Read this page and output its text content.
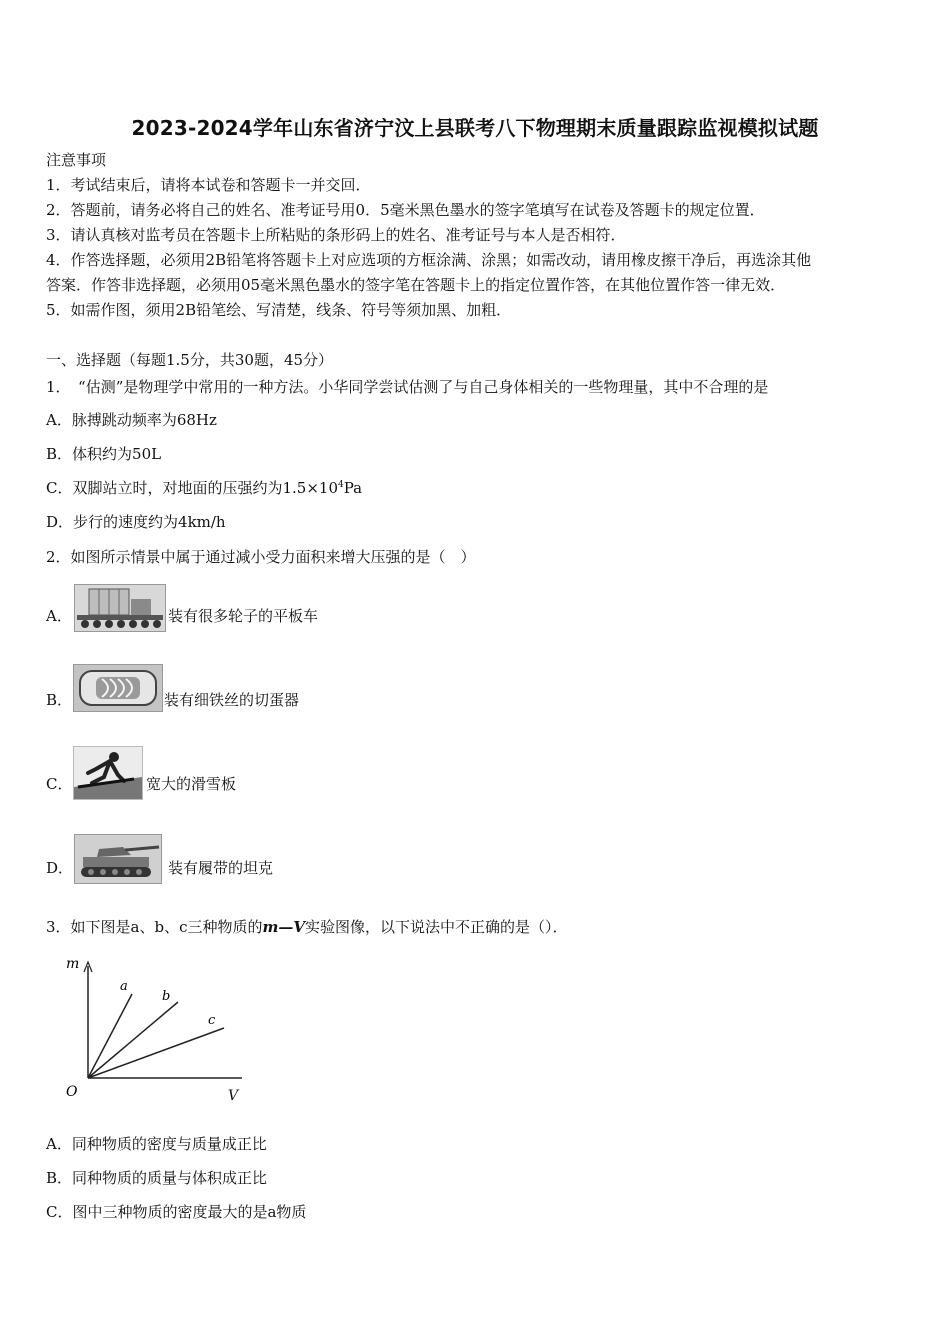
2023-2024学年山东省济宁汶上县联考八下物理期末质量跟踪监视模拟试题
注意事项
1．考试结束后，请将本试卷和答题卡一并交回．
2．答题前，请务必将自己的姓名、准考证号用0．5毫米黑色墨水的签字笔填写在试卷及答题卡的规定位置．
3．请认真核对监考员在答题卡上所粘贴的条形码上的姓名、准考证号与本人是否相符．
4．作答选择题，必须用2B铅笔将答题卡上对应选项的方框涂满、涂黑；如需改动，请用橡皮擦干净后，再选涂其他
答案．作答非选择题，必须用05毫米黑色墨水的签字笔在答题卡上的指定位置作答，在其他位置作答一律无效．
5．如需作图，须用2B铅笔绘、写清楚，线条、符号等须加黑、加粗．
一、选择题（每题1.5分，共30题，45分）
1．　“估测”是物理学中常用的一种方法。小华同学尝试估测了与自己身体相关的一些物理量，其中不合理的是
A．脉搏跳动频率为68Hz
B．体积约为50L
C．双脚站立时，对地面的压强约为$1.5\times 10^4Pa$
D．步行的速度约为4km/h
2．如图所示情景中属于通过减小受力面积来增大压强的是（　）
A．	装有很多轮子的平板车
B．	装有细铁丝的切蛋器
C．	宽大的滑雪板
D．	装有履带的坦克
3．如下图是a、b、c三种物质的m—V实验图像，以下说法中不正确的是（）．
m
O
a
b
c
V
A．同种物质的密度与质量成正比
B．同种物质的质量与体积成正比
C．图中三种物质的密度最大的是a物质
